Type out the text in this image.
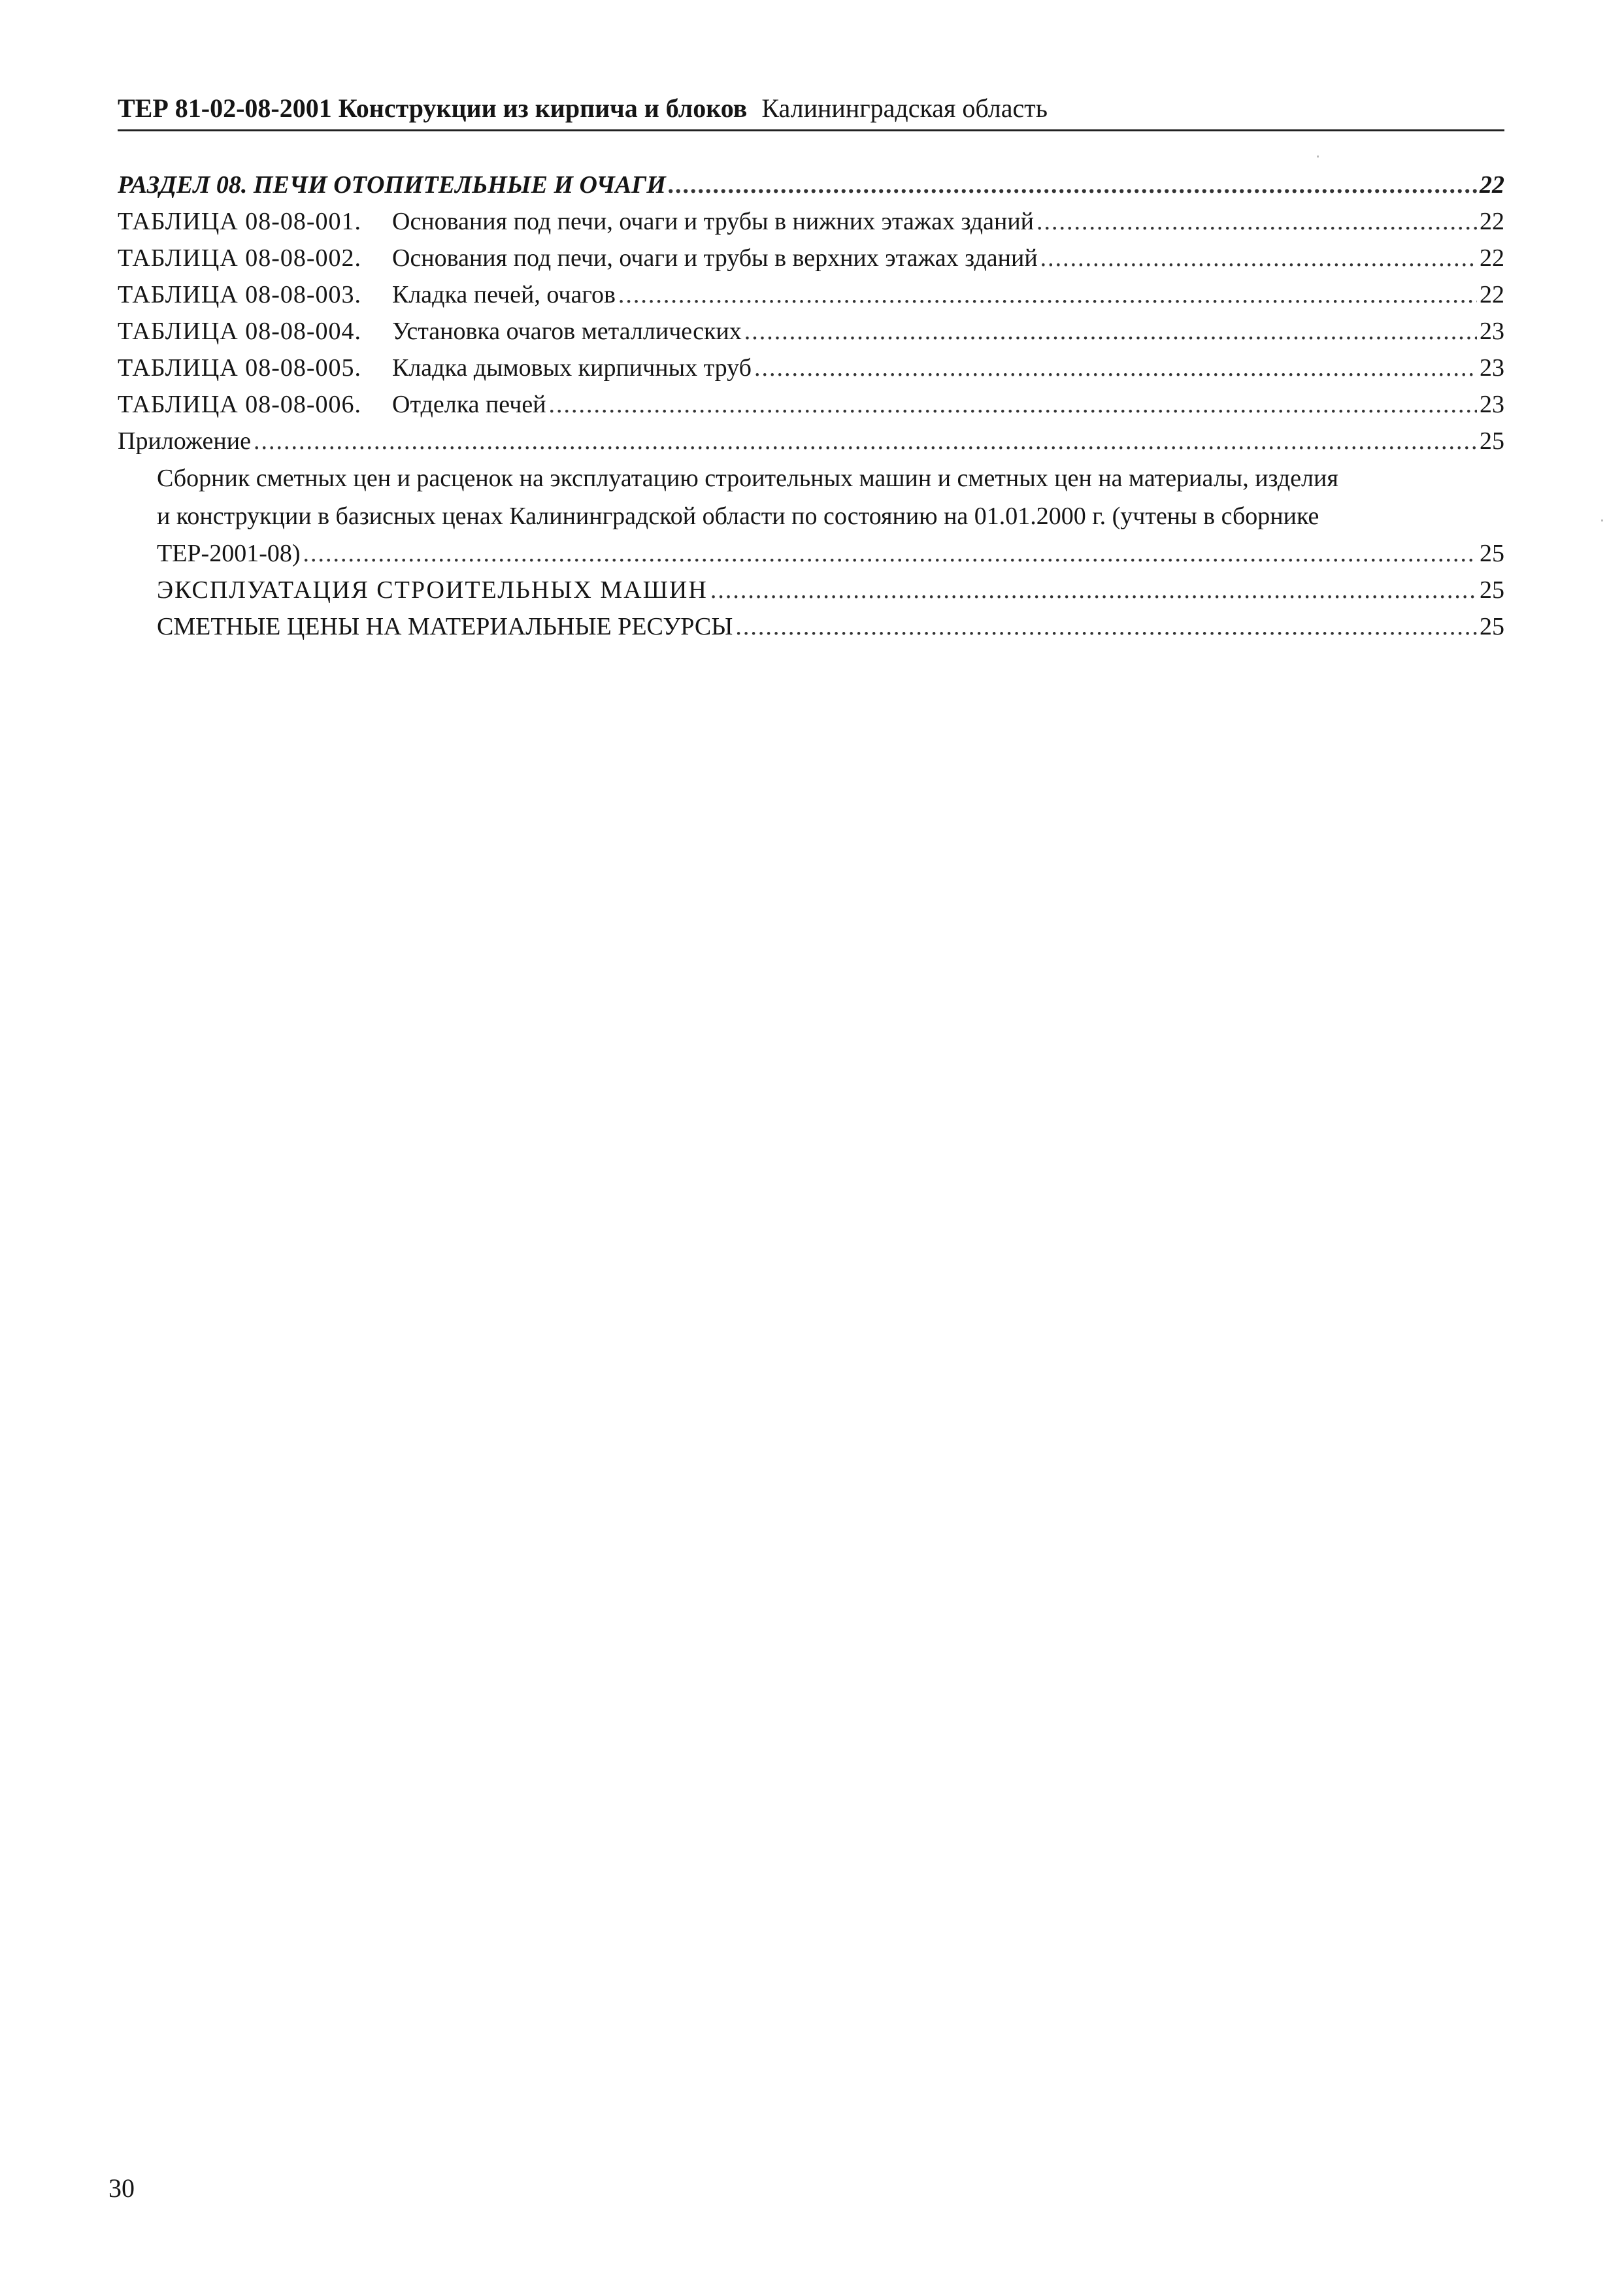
ТЕР 81-02-08-2001 Конструкции из кирпича и блоков Калининградская область
РАЗДЕЛ 08. ПЕЧИ ОТОПИТЕЛЬНЫЕ И ОЧАГИ .....	22
ТАБЛИЦА 08-08-001. Основания под печи, очаги и трубы в нижних этажах зданий .....	22
ТАБЛИЦА 08-08-002. Основания под печи, очаги и трубы в верхних этажах зданий .....	22
ТАБЛИЦА 08-08-003. Кладка печей, очагов .....	22
ТАБЛИЦА 08-08-004. Установка очагов металлических .....	23
ТАБЛИЦА 08-08-005. Кладка дымовых кирпичных труб .....	23
ТАБЛИЦА 08-08-006. Отделка печей .....	23
Приложение .....	25
Сборник сметных цен и расценок на эксплуатацию строительных машин и сметных цен на материалы, изделия
и конструкции в базисных ценах Калининградской области по состоянию на 01.01.2000 г. (учтены в сборнике
ТЕР-2001-08) .....	25
ЭКСПЛУАТАЦИЯ СТРОИТЕЛЬНЫХ МАШИН .....	25
СМЕТНЫЕ ЦЕНЫ НА МАТЕРИАЛЬНЫЕ РЕСУРСЫ .....	25
30
